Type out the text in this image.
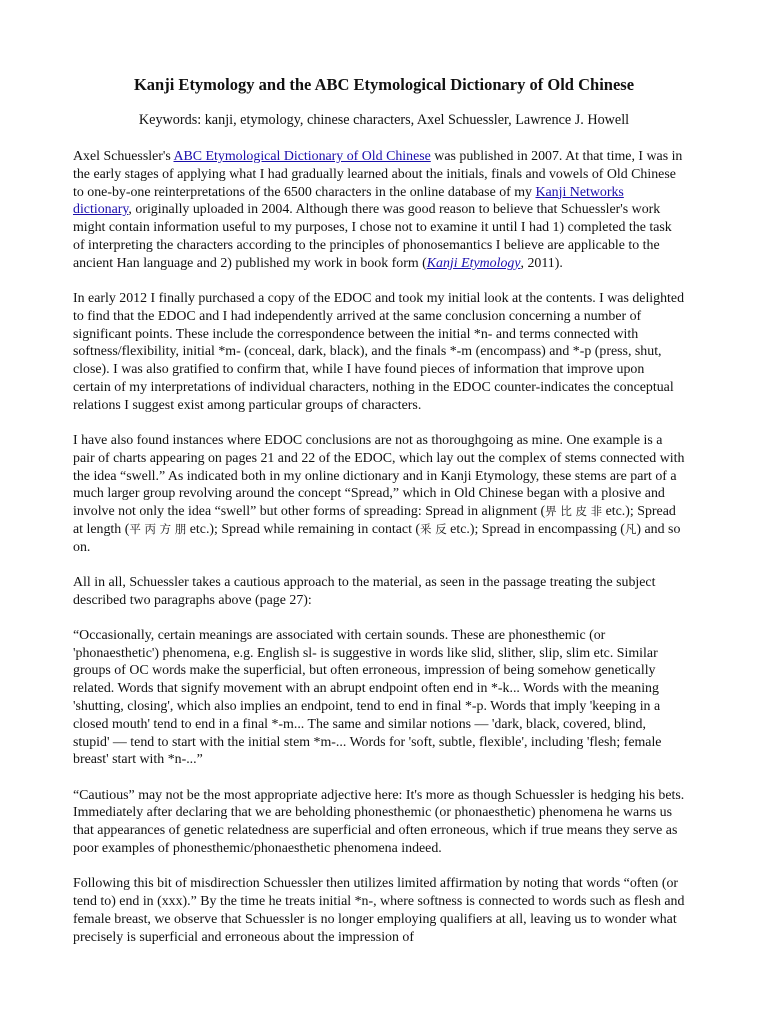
Kanji Etymology and the ABC Etymological Dictionary of Old Chinese
Keywords: kanji, etymology, chinese characters, Axel Schuessler, Lawrence J. Howell

Axel Schuessler's ABC Etymological Dictionary of Old Chinese was published in 2007. At that time, I was in the early stages of applying what I had gradually learned about the initials, finals and vowels of Old Chinese to one-by-one reinterpretations of the 6500 characters in the online database of my Kanji Networks dictionary, originally uploaded in 2004. Although there was good reason to believe that Schuessler's work might contain information useful to my purposes, I chose not to examine it until I had 1) completed the task of interpreting the characters according to the principles of phonosemantics I believe are applicable to the ancient Han language and 2) published my work in book form (Kanji Etymology, 2011).

In early 2012 I finally purchased a copy of the EDOC and took my initial look at the contents. I was delighted to find that the EDOC and I had independently arrived at the same conclusion concerning a number of significant points. These include the correspondence between the initial *n- and terms connected with softness/flexibility, initial *m- (conceal, dark, black), and the finals *-m (encompass) and *-p (press, shut, close). I was also gratified to confirm that, while I have found pieces of information that improve upon certain of my interpretations of individual characters, nothing in the EDOC counter-indicates the conceptual relations I suggest exist among particular groups of characters.

I have also found instances where EDOC conclusions are not as thoroughgoing as mine. One example is a pair of charts appearing on pages 21 and 22 of the EDOC, which lay out the complex of stems connected with the idea “swell.” As indicated both in my online dictionary and in Kanji Etymology, these stems are part of a much larger group revolving around the concept “Spread,” which in Old Chinese began with a plosive and involve not only the idea “swell” but other forms of spreading: Spread in alignment (畀 比 皮 非 etc.); Spread at length (平 丙 方 朋 etc.); Spread while remaining in contact (釆 反 etc.); Spread in encompassing (凡) and so on.

All in all, Schuessler takes a cautious approach to the material, as seen in the passage treating the subject described two paragraphs above (page 27):

“Occasionally, certain meanings are associated with certain sounds. These are phonesthemic (or 'phonaesthetic') phenomena, e.g. English sl- is suggestive in words like slid, slither, slip, slim etc. Similar groups of OC words make the superficial, but often erroneous, impression of being somehow genetically related. Words that signify movement with an abrupt endpoint often end in *-k... Words with the meaning 'shutting, closing', which also implies an endpoint, tend to end in final *-p. Words that imply 'keeping in a closed mouth' tend to end in a final *-m... The same and similar notions — 'dark, black, covered, blind, stupid' — tend to start with the initial stem *m-... Words for 'soft, subtle, flexible', including 'flesh; female breast' start with *n-...”

“Cautious” may not be the most appropriate adjective here: It's more as though Schuessler is hedging his bets. Immediately after declaring that we are beholding phonesthemic (or phonaesthetic) phenomena he warns us that appearances of genetic relatedness are superficial and often erroneous, which if true means they serve as poor examples of phonesthemic/phonaesthetic phenomena indeed.

Following this bit of misdirection Schuessler then utilizes limited affirmation by noting that words “often (or tend to) end in (xxx).” By the time he treats initial *n-, where softness is connected to words such as flesh and female breast, we observe that Schuessler is no longer employing qualifiers at all, leaving us to wonder what precisely is superficial and erroneous about the impression of
